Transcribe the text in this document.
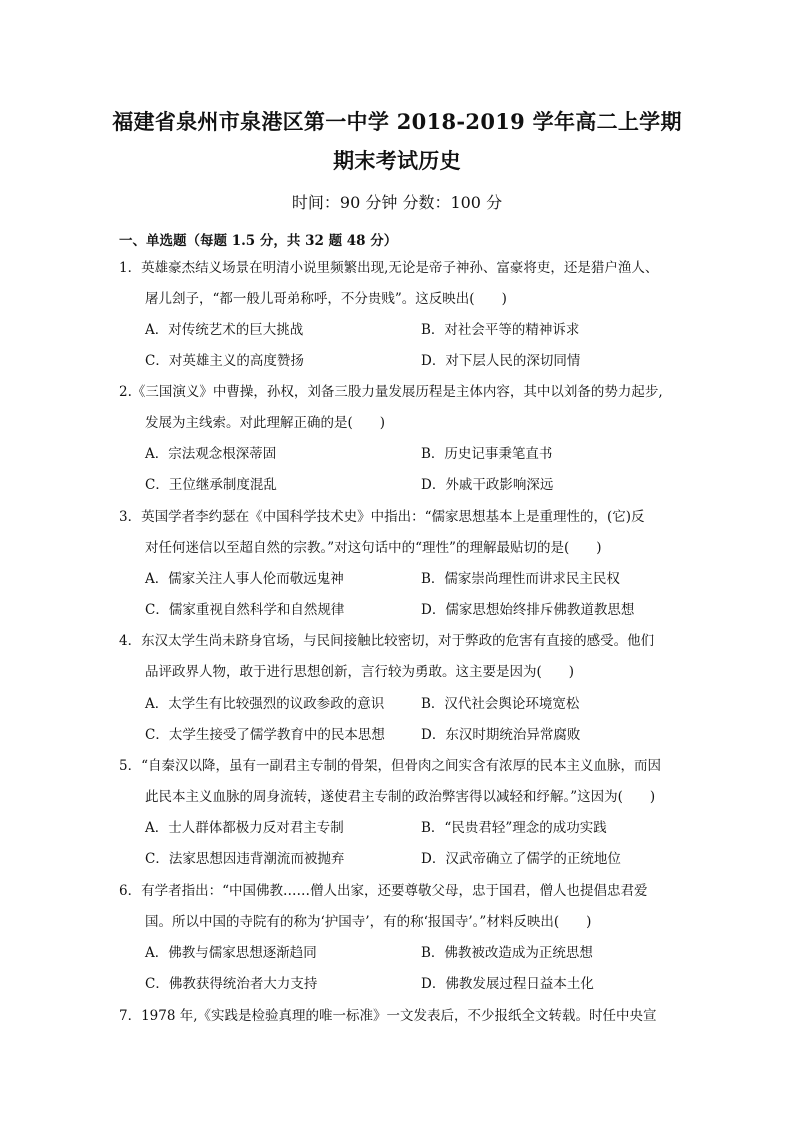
福建省泉州市泉港区第一中学 2018-2019 学年高二上学期
期末考试历史
时间：90 分钟 分数：100 分
一、单选题（每题 1.5 分，共 32 题 48 分）
1．英雄豪杰结义场景在明清小说里频繁出现,无论是帝子神孙、富豪将吏，还是猎户渔人、
屠儿刽子，“都一般儿哥弟称呼，不分贵贱”。这反映出(　　)
A．对传统艺术的巨大挑战	B．对社会平等的精神诉求
C．对英雄主义的高度赞扬	D．对下层人民的深切同情
2.《三国演义》中曹操，孙权，刘备三股力量发展历程是主体内容，其中以刘备的势力起步,
发展为主线索。对此理解正确的是(　　)
A．宗法观念根深蒂固	B．历史记事秉笔直书
C．王位继承制度混乱	D．外戚干政影响深远
3．英国学者李约瑟在《中国科学技术史》中指出：“儒家思想基本上是重理性的，(它)反
对任何迷信以至超自然的宗教。”对这句话中的“理性”的理解最贴切的是(　　)
A．儒家关注人事人伦而敬远鬼神	B．儒家崇尚理性而讲求民主民权
C．儒家重视自然科学和自然规律	D．儒家思想始终排斥佛教道教思想
4．东汉太学生尚未跻身官场，与民间接触比较密切，对于弊政的危害有直接的感受。他们
品评政界人物，敢于进行思想创新，言行较为勇敢。这主要是因为(　　)
A．太学生有比较强烈的议政参政的意识	B．汉代社会舆论环境宽松
C．太学生接受了儒学教育中的民本思想	D．东汉时期统治异常腐败
5．“自秦汉以降，虽有一副君主专制的骨架，但骨肉之间实含有浓厚的民本主义血脉，而因
此民本主义血脉的周身流转，遂使君主专制的政治弊害得以减轻和纾解。”这因为(　　)
A．士人群体都极力反对君主专制	B．“民贵君轻”理念的成功实践
C．法家思想因违背潮流而被抛弃	D．汉武帝确立了儒学的正统地位
6．有学者指出：“中国佛教……僧人出家，还要尊敬父母，忠于国君，僧人也提倡忠君爱
国。所以中国的寺院有的称为‘护国寺’，有的称‘报国寺’。”材料反映出(　　)
A．佛教与儒家思想逐渐趋同	B．佛教被改造成为正统思想
C．佛教获得统治者大力支持	D．佛教发展过程日益本土化
7．1978 年,《实践是检验真理的唯一标准》一文发表后，不少报纸全文转载。时任中央宣
